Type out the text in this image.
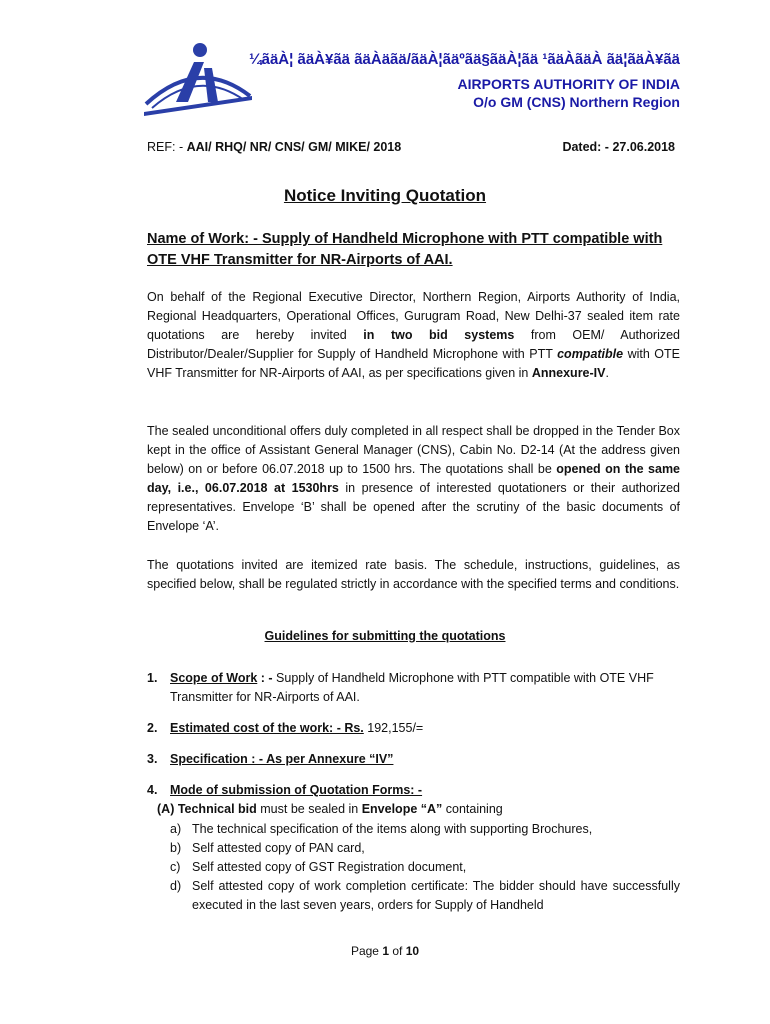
¼ãäÀ¦ ãäÀ¥ãä ãäÀäãä/ãäÀ¦ãäºãä§ãäÀ¦ãä ¹ãäÀãäÀ ãä¦ãäÀ¥ãä
AIRPORTS AUTHORITY OF INDIA
O/o GM (CNS) Northern Region
REF: - AAI/ RHQ/ NR/ CNS/ GM/ MIKE/ 2018	Dated: - 27.06.2018
Notice Inviting Quotation
Name of Work: - Supply of Handheld Microphone with PTT compatible with OTE VHF Transmitter for NR-Airports of AAI.
On behalf of the Regional Executive Director, Northern Region, Airports Authority of India, Regional Headquarters, Operational Offices, Gurugram Road, New Delhi-37 sealed item rate quotations are hereby invited in two bid systems from OEM/ Authorized Distributor/Dealer/Supplier for Supply of Handheld Microphone with PTT compatible with OTE VHF Transmitter for NR-Airports of AAI, as per specifications given in Annexure-IV.
The sealed unconditional offers duly completed in all respect shall be dropped in the Tender Box kept in the office of Assistant General Manager (CNS), Cabin No. D2-14 (At the address given below) on or before 06.07.2018 up to 1500 hrs. The quotations shall be opened on the same day, i.e., 06.07.2018 at 1530hrs in presence of interested quotationers or their authorized representatives. Envelope ‘B’ shall be opened after the scrutiny of the basic documents of Envelope ‘A’.
The quotations invited are itemized rate basis. The schedule, instructions, guidelines, as specified below, shall be regulated strictly in accordance with the specified terms and conditions.
Guidelines for submitting the quotations
1. Scope of Work : - Supply of Handheld Microphone with PTT compatible with OTE VHF Transmitter for NR-Airports of AAI.
2. Estimated cost of the work: - Rs. 192,155/=
3. Specification : - As per Annexure “IV”
4. Mode of submission of Quotation Forms: -
(A) Technical bid must be sealed in Envelope “A” containing
a) The technical specification of the items along with supporting Brochures,
b) Self attested copy of PAN card,
c) Self attested copy of GST Registration document,
d) Self attested copy of work completion certificate: The bidder should have successfully executed in the last seven years, orders for Supply of Handheld
Page 1 of 10
